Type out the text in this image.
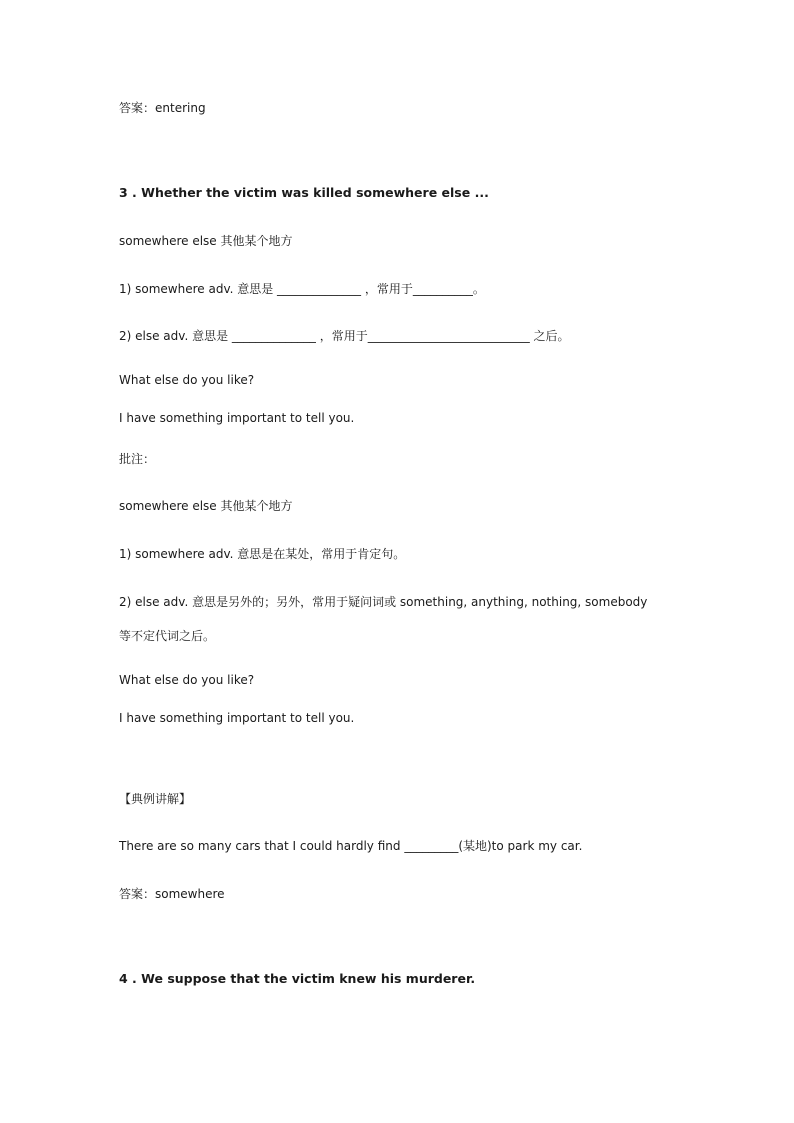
答案：entering
3 . Whether the victim was killed somewhere else ...
somewhere else 其他某个地方
1) somewhere adv. 意思是 ______________ ，常用于__________。
2) else adv. 意思是 ______________ ，常用于___________________________ 之后。
What else do you like?
I have something important to tell you.
批注：
somewhere else 其他某个地方
1) somewhere adv. 意思是在某处，常用于肯定句。
2) else adv. 意思是另外的；另外，常用于疑问词或 something, anything, nothing, somebody
等不定代词之后。
What else do you like?
I have something important to tell you.
【典例讲解】
There are so many cars that I could hardly find _________(某地)to park my car.
答案：somewhere
4 . We suppose that the victim knew his murderer.
